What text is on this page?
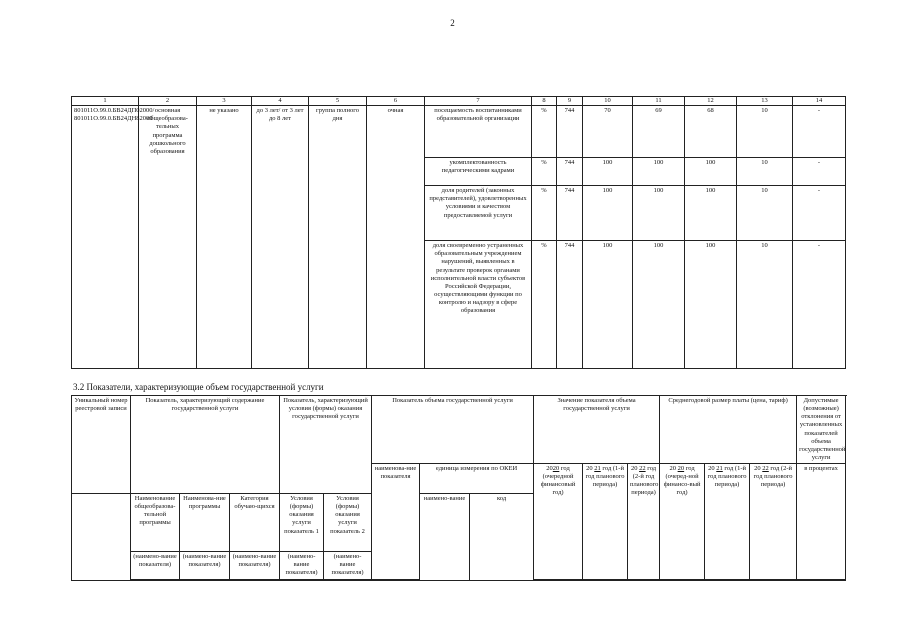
2
1	2	3	4	5	6	7	8	9	10	11	12	13	14
801011О.99.0.БВ24ДП02000/ 801011О.99.0.БВ24ДН82000	основная общеобразова-тельных программа дошкольного образования	не указано	до 3 лет/ от 3 лет до 8 лет	группа полного дня	очная	посещаемость воспитанниками образовательной организации	%	744	70	69	68	10	-
						укомплектованность педагогическими кадрами	%	744	100	100	100	10	-
						доля родителей (законных представителей), удовлетворенных условиями и качеством предоставляемой услуги	%	744	100	100	100	10	-
						доля своевременно устраненных образовательным учреждением нарушений, выявленных в результате проверок органами исполнительной власти субъектов Российской Федерации, осуществляющими функции по контролю и надзору в сфере образования	%	744	100	100	100	10	-
3.2 Показатели, характеризующие объем государственной услуги
Уникальный номер реестровой записи	Показатель, характеризующий содержание государственной услуги			Показатель, характеризующий условия (формы) оказания государственной услуги		Показатель объема государственной услуги			Значение показателя объема государственной услуги			Среднегодовой размер платы (цена, тариф)			Допустимые (возможные) отклонения от установленных показателей объема государственной услуги	
						наименова-ние показателя	единица измерения по ОКЕИ		2020 год (очередной финансовый год)	20 21 год (1-й год планового периода)	20 22 год (2-й год планового периода)	20 20 год (очеред-ной финансо-вый год)	20 21 год (1-й год планового периода)	20 22 год (2-й год планового периода)	в процентах	
	Наименование общеобразова-тельной программы	Наименова-ние программы	Категория обучаю-щихся	Условия (формы) оказания услуги показатель 1	Условия (формы) оказания услуги показатель 2		наимено-вание	код								
	(наимено-вание показателя)	(наимено-вание показателя)	(наимено-вание показателя)	(наимено-вание показателя)	(наимено-вание показателя)											
